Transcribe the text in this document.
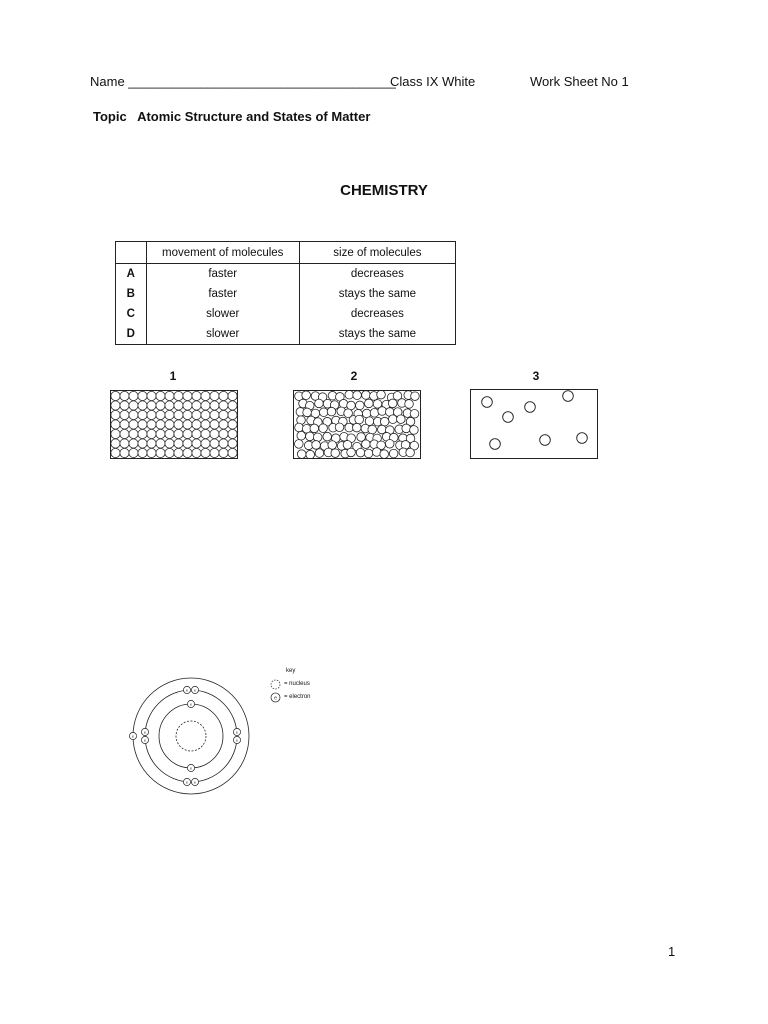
Name _____________________________________
Class IX White	Work Sheet No 1
Topic Atomic Structure and States of Matter
CHEMISTRY
	movement of molecules	size of molecules
A	faster	decreases
B	faster	stays the same
C	slower	decreases
D	slower	stays the same
1	2	3
e
e
e e
e e
e
e
e
e
e
key
= nucleus
e = electron
1
